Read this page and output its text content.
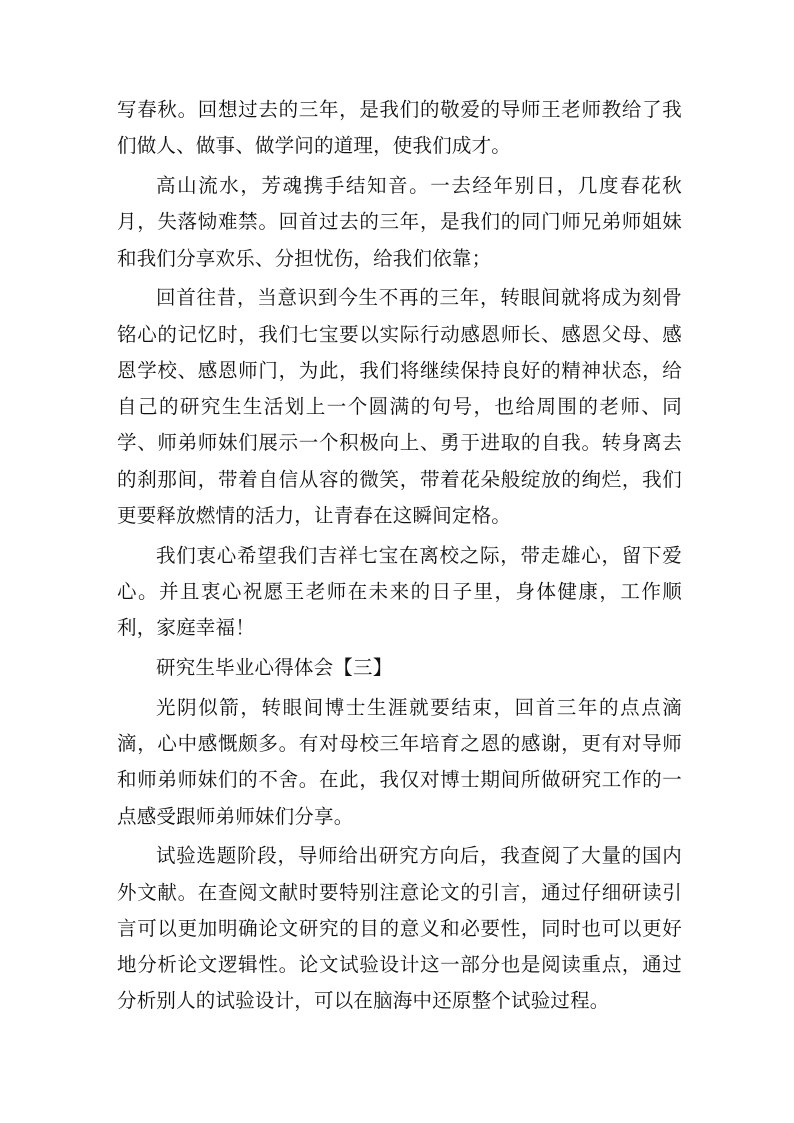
写春秋。回想过去的三年，是我们的敬爱的导师王老师教给了我们做人、做事、做学问的道理，使我们成才。

高山流水，芳魂携手结知音。一去经年别日，几度春花秋月，失落恸难禁。回首过去的三年，是我们的同门师兄弟师姐妹和我们分享欢乐、分担忧伤，给我们依靠；

回首往昔，当意识到今生不再的三年，转眼间就将成为刻骨铭心的记忆时，我们七宝要以实际行动感恩师长、感恩父母、感恩学校、感恩师门，为此，我们将继续保持良好的精神状态，给自己的研究生生活划上一个圆满的句号，也给周围的老师、同学、师弟师妹们展示一个积极向上、勇于进取的自我。转身离去的刹那间，带着自信从容的微笑，带着花朵般绽放的绚烂，我们更要释放燃情的活力，让青春在这瞬间定格。

我们衷心希望我们吉祥七宝在离校之际，带走雄心，留下爱心。并且衷心祝愿王老师在未来的日子里，身体健康，工作顺利，家庭幸福！

研究生毕业心得体会【三】

光阴似箭，转眼间博士生涯就要结束，回首三年的点点滴滴，心中感慨颇多。有对母校三年培育之恩的感谢，更有对导师和师弟师妹们的不舍。在此，我仅对博士期间所做研究工作的一点感受跟师弟师妹们分享。

试验选题阶段，导师给出研究方向后，我查阅了大量的国内外文献。在查阅文献时要特别注意论文的引言，通过仔细研读引言可以更加明确论文研究的目的意义和必要性，同时也可以更好地分析论文逻辑性。论文试验设计这一部分也是阅读重点，通过分析别人的试验设计，可以在脑海中还原整个试验过程。
